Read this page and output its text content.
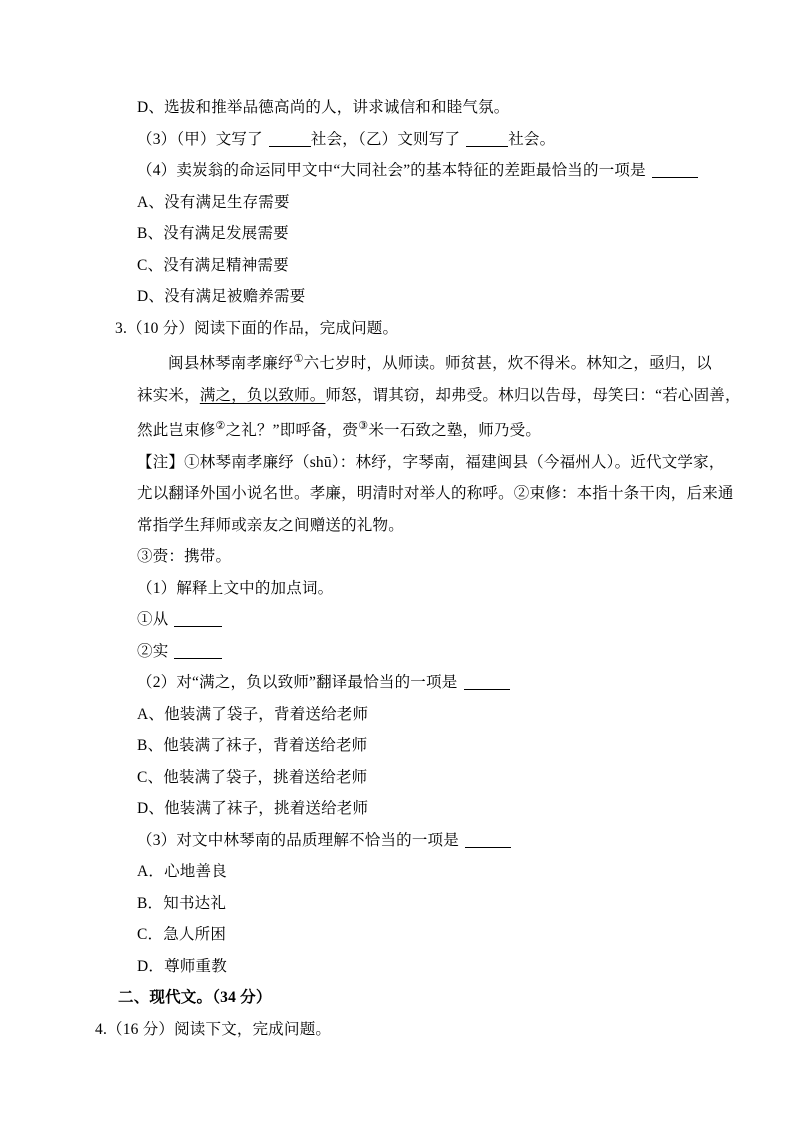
D、选拔和推举品德高尚的人，讲求诚信和和睦气氛。
（3）（甲）文写了	社会，（乙）文则写了	社会。
（4）卖炭翁的命运同甲文中“大同社会”的基本特征的差距最恰当的一项是
A、没有满足生存需要
B、没有满足发展需要
C、没有满足精神需要
D、没有满足被赡养需要
3.（10 分）阅读下面的作品，完成问题。
闽县林琴南孝廉纾①六七岁时，从师读。师贫甚，炊不得米。林知之，亟归，以
袜实米，满之，负以致师。师怒，谓其窃，却弗受。林归以告母，母笑曰：“若心固善，
然此岂束修②之礼？”即呼备，赍③米一石致之塾，师乃受。
【注】①林琴南孝廉纾（shū）：林纾，字琴南，福建闽县（今福州人）。近代文学家，
尤以翻译外国小说名世。孝廉，明清时对举人的称呼。②束修：本指十条干肉，后来通
常指学生拜师或亲友之间赠送的礼物。
③赍：携带。
（1）解释上文中的加点词。
①从
②实
（2）对“满之，负以致师”翻译最恰当的一项是
A、他装满了袋子，背着送给老师
B、他装满了袜子，背着送给老师
C、他装满了袋子，挑着送给老师
D、他装满了袜子，挑着送给老师
（3）对文中林琴南的品质理解不恰当的一项是
A．心地善良
B．知书达礼
C．急人所困
D．尊师重教
二、现代文。（34 分）
4.（16 分）阅读下文，完成问题。
